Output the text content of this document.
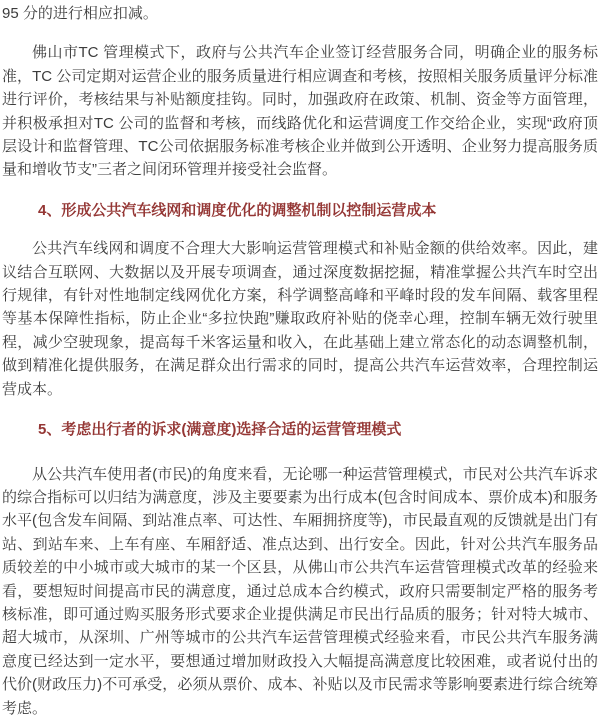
95 分的进行相应扣减。

佛山市TC 管理模式下，政府与公共汽车企业签订经营服务合同，明确企业的服务标准，TC 公司定期对运营企业的服务质量进行相应调查和考核，按照相关服务质量评分标准进行评价，考核结果与补贴额度挂钩。同时，加强政府在政策、机制、资金等方面管理，并积极承担对TC 公司的监督和考核，而线路优化和运营调度工作交给企业，实现“政府顶层设计和监督管理、TC公司依据服务标准考核企业并做到公开透明、企业努力提高服务质量和增收节支”三者之间闭环管理并接受社会监督。

4、形成公共汽车线网和调度优化的调整机制以控制运营成本

公共汽车线网和调度不合理大大影响运营管理模式和补贴金额的供给效率。因此，建议结合互联网、大数据以及开展专项调查，通过深度数据挖掘，精准掌握公共汽车时空出行规律，有针对性地制定线网优化方案，科学调整高峰和平峰时段的发车间隔、载客里程等基本保障性指标，防止企业“多拉快跑”赚取政府补贴的侥幸心理，控制车辆无效行驶里程，减少空驶现象，提高每千米客运量和收入，在此基础上建立常态化的动态调整机制，做到精准化提供服务，在满足群众出行需求的同时，提高公共汽车运营效率，合理控制运营成本。

5、考虑出行者的诉求(满意度)选择合适的运营管理模式

从公共汽车使用者(市民)的角度来看，无论哪一种运营管理模式，市民对公共汽车诉求的综合指标可以归结为满意度，涉及主要要素为出行成本(包含时间成本、票价成本)和服务水平(包含发车间隔、到站准点率、可达性、车厢拥挤度等)，市民最直观的反馈就是出门有站、到站车来、上车有座、车厢舒适、准点达到、出行安全。因此，针对公共汽车服务品质较差的中小城市或大城市的某一个区县，从佛山市公共汽车运营管理模式改革的经验来看，要想短时间提高市民的满意度，通过总成本合约模式，政府只需要制定严格的服务考核标准，即可通过购买服务形式要求企业提供满足市民出行品质的服务；针对特大城市、超大城市，从深圳、广州等城市的公共汽车运营管理模式经验来看，市民公共汽车服务满意度已经达到一定水平，要想通过增加财政投入大幅提高满意度比较困难，或者说付出的代价(财政压力)不可承受，必须从票价、成本、补贴以及市民需求等影响要素进行综合统筹考虑。
